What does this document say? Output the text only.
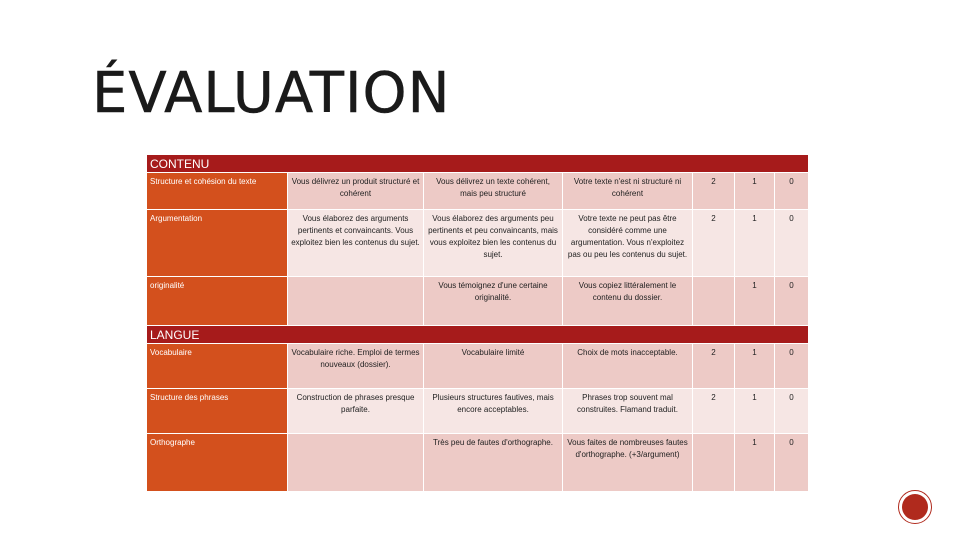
ÉVALUATION
CONTENU						
Structure et cohésion du texte	Vous délivrez un produit structuré et cohérent	Vous délivrez un texte cohérent, mais peu structuré	Votre texte n'est ni structuré ni cohérent	2	1	0
Argumentation	Vous élaborez des arguments pertinents et convaincants. Vous exploitez bien les contenus du sujet.	Vous élaborez des arguments peu pertinents et peu convaincants, mais vous exploitez bien les contenus du sujet.	Votre texte ne peut pas être considéré comme une argumentation. Vous n'exploitez pas ou peu les contenus du sujet.	2	1	0
originalité		Vous témoignez d'une certaine originalité.	Vous copiez littéralement le contenu du dossier.		1	0
LANGUE						
Vocabulaire	Vocabulaire riche. Emploi de termes nouveaux (dossier).	Vocabulaire limité	Choix de mots inacceptable.	2	1	0
Structure des phrases	Construction de phrases presque parfaite.	Plusieurs structures fautives, mais encore acceptables.	Phrases trop souvent mal construites. Flamand traduit.	2	1	0
Orthographe		Très peu de fautes d'orthographe.	Vous faites de nombreuses fautes d'orthographe. (+3/argument)		1	0
